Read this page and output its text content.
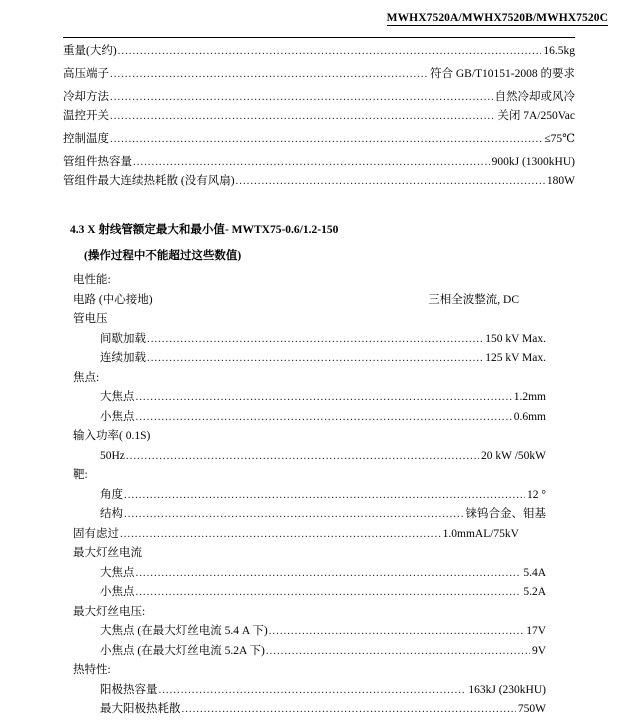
MWHX7520A/MWHX7520B/MWHX7520C
重量(大约) . . .	16.5kg
高压端子 . . .	符合 GB/T10151-2008 的要求
冷却方法 . . .	自然冷却或风冷
温控开关 . . .	关闭 7A/250Vac
控制温度 . . .	≤75℃
管组件热容量 . . .	900kJ (1300kHU)
管组件最大连续热耗散 (没有风扇) . . .	180W
4.3 X 射线管额定最大和最小值- MWTX75-0.6/1.2-150
(操作过程中不能超过这些数值)
电性能:
电路 (中心接地)	三相全波整流, DC
管电压
间歇加载 . . .	150 kV Max.
连续加载 . . .	125 kV Max.
焦点:
大焦点 . . .	1.2mm
小焦点 . . .	0.6mm
输入功率( 0.1S)
50Hz . . .	20 kW /50kW
靶:
角度 . . .	12 °
结构 . . .	铼钨合金、钼基
固有虑过 . . .	1.0mmAL/75kV
最大灯丝电流
大焦点 . . .	5.4A
小焦点 . . .	5.2A
最大灯丝电压:
大焦点 (在最大灯丝电流 5.4 A 下) . . .	17V
小焦点 (在最大灯丝电流 5.2A 下) . . .	9V
热特性:
阳极热容量 . . .	163kJ (230kHU)
最大阳极热耗散 . . .	750W
